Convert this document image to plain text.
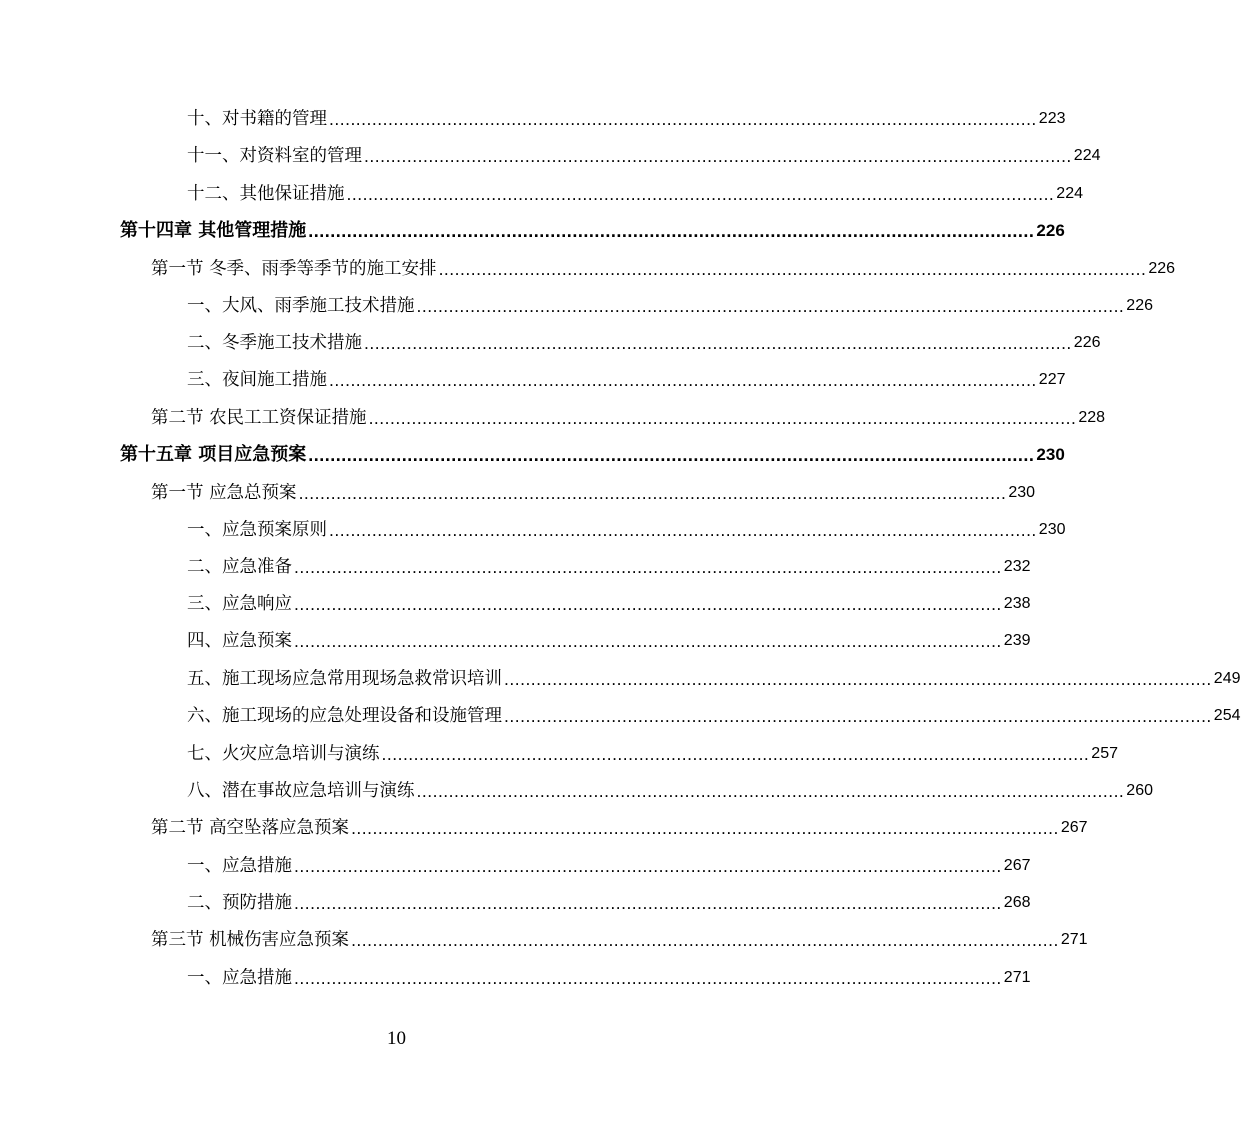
十、对书籍的管理 .................................................................................................................................... 223
十一、对资料室的管理 .................................................................................................................................... 224
十二、其他保证措施 .................................................................................................................................... 224
第十四章 其他管理措施 .................................................................................................................................... 226
第一节 冬季、雨季等季节的施工安排 .................................................................................................................................... 226
一、大风、雨季施工技术措施 .................................................................................................................................... 226
二、冬季施工技术措施 .................................................................................................................................... 226
三、夜间施工措施 .................................................................................................................................... 227
第二节 农民工工资保证措施 .................................................................................................................................... 228
第十五章 项目应急预案 .................................................................................................................................... 230
第一节 应急总预案 .................................................................................................................................... 230
一、应急预案原则 .................................................................................................................................... 230
二、应急准备 .................................................................................................................................... 232
三、应急响应 .................................................................................................................................... 238
四、应急预案 .................................................................................................................................... 239
五、施工现场应急常用现场急救常识培训 .................................................................................................................................... 249
六、施工现场的应急处理设备和设施管理 .................................................................................................................................... 254
七、火灾应急培训与演练 .................................................................................................................................... 257
八、潜在事故应急培训与演练 .................................................................................................................................... 260
第二节 高空坠落应急预案 .................................................................................................................................... 267
一、应急措施 .................................................................................................................................... 267
二、预防措施 .................................................................................................................................... 268
第三节 机械伤害应急预案 .................................................................................................................................... 271
一、应急措施 .................................................................................................................................... 271
10
